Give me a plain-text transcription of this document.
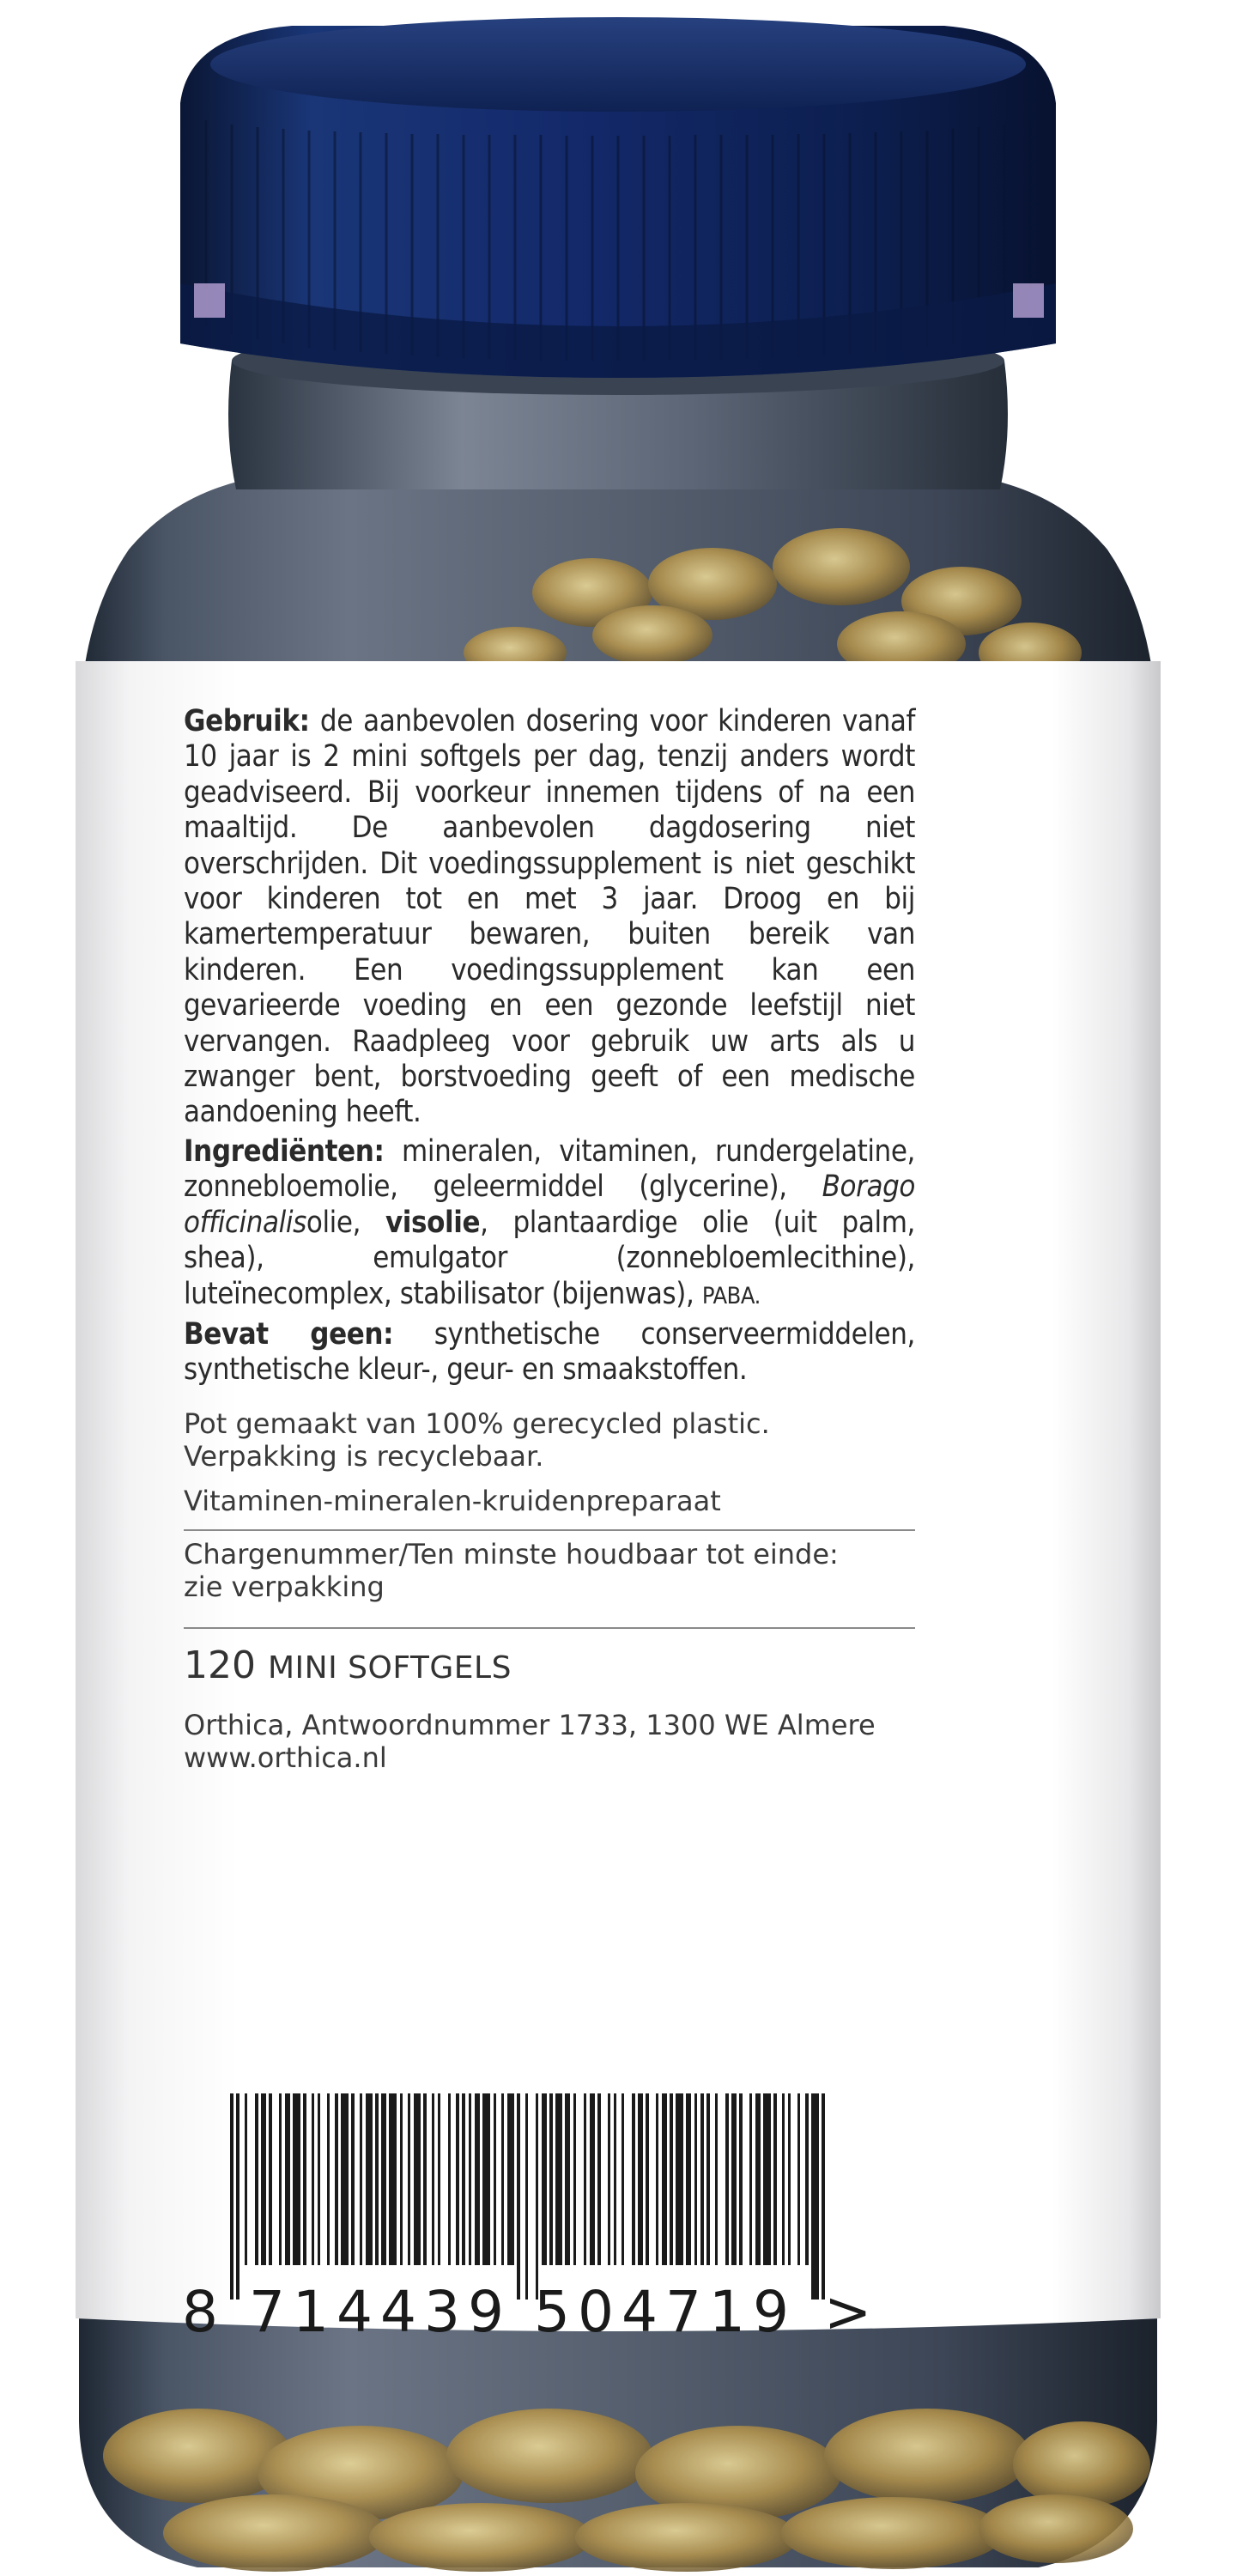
8 714439 504719 >

Gebruik: de aanbevolen dosering voor kinderen vanaf 10 jaar is 2 mini softgels per dag, tenzij anders wordt geadviseerd. Bij voorkeur innemen tijdens of na een maaltijd. De aanbevolen dagdosering niet overschrijden. Dit voedingssupplement is niet geschikt voor kinderen tot en met 3 jaar. Droog en bij kamertemperatuur bewaren, buiten bereik van kinderen. Een voedingssupplement kan een gevarieerde voeding en een gezonde leefstijl niet vervangen. Raadpleeg voor gebruik uw arts als u zwanger bent, borstvoeding geeft of een medische aandoening heeft.

Ingrediënten: mineralen, vitaminen, rundergelatine, zonnebloemolie, geleermiddel (glycerine), Borago officinalisolie, visolie, plantaardige olie (uit palm, shea), emulgator (zonnebloemlecithine), luteïnecomplex, stabilisator (bijenwas), PABA.

Bevat geen: synthetische conserveermiddelen, synthetische kleur-, geur- en smaakstoffen.

Pot gemaakt van 100% gerecycled plastic.

Verpakking is recyclebaar.

Vitaminen-mineralen-kruidenpreparaat

Chargenummer/Ten minste houdbaar tot einde:

zie verpakking

120 MINI SOFTGELS

Orthica, Antwoordnummer 1733, 1300 WE Almere

www.orthica.nl
